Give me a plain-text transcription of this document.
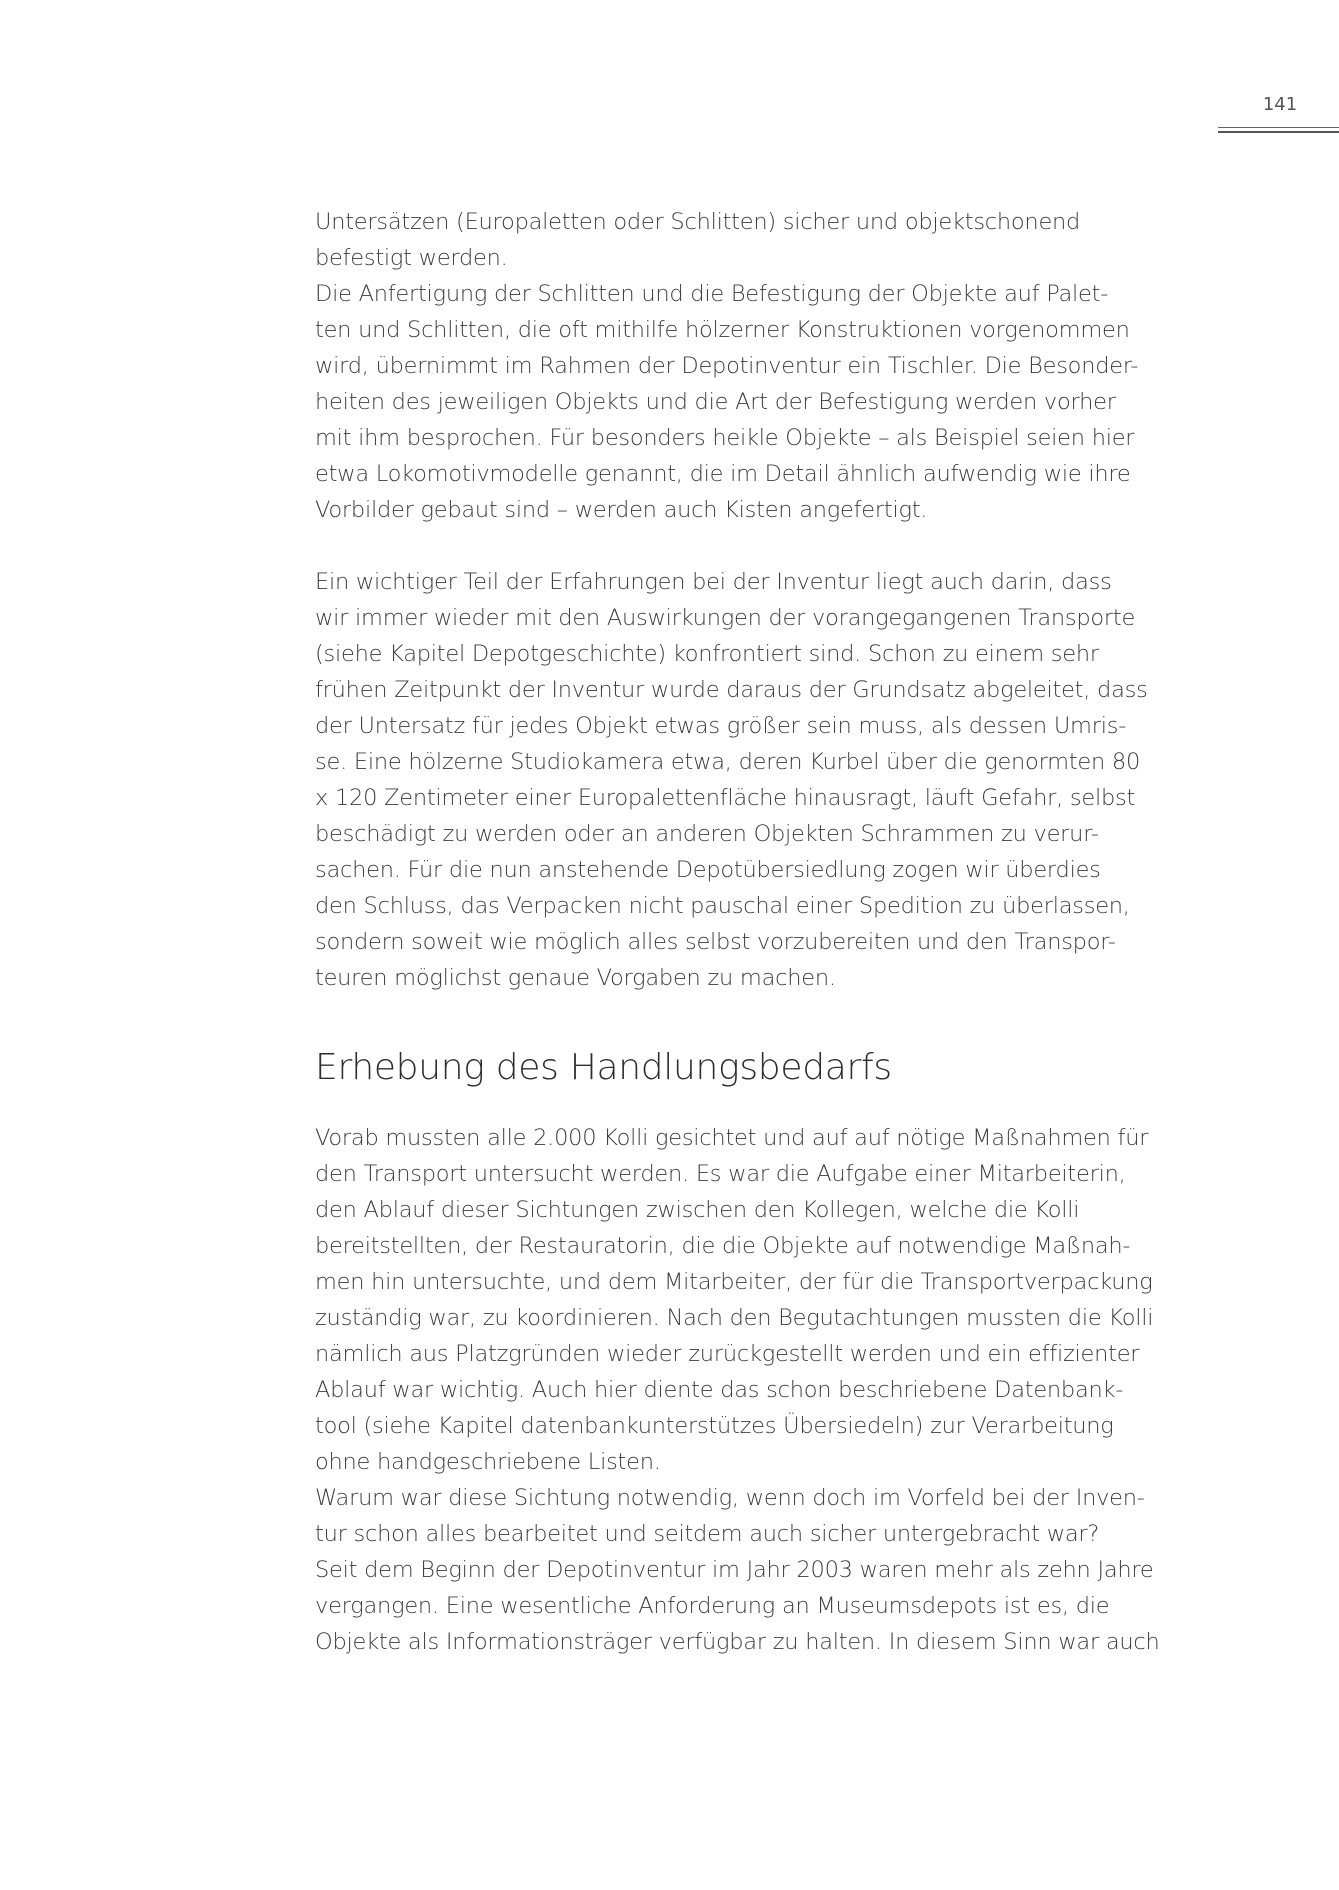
141

Untersätzen (Europaletten oder Schlitten) sicher und objektschonend
befestigt werden.

Die Anfertigung der Schlitten und die Befestigung der Objekte auf Palet-
ten und Schlitten, die oft mithilfe hölzerner Konstruktionen vorgenommen
wird, übernimmt im Rahmen der Depotinventur ein Tischler. Die Besonder-
heiten des jeweiligen Objekts und die Art der Befestigung werden vorher
mit ihm besprochen. Für besonders heikle Objekte – als Beispiel seien hier
etwa Lokomotivmodelle genannt, die im Detail ähnlich aufwendig wie ihre
Vorbilder gebaut sind – werden auch Kisten angefertigt.

Ein wichtiger Teil der Erfahrungen bei der Inventur liegt auch darin, dass
wir immer wieder mit den Auswirkungen der vorangegangenen Transporte
(siehe Kapitel Depotgeschichte) konfrontiert sind. Schon zu einem sehr
frühen Zeitpunkt der Inventur wurde daraus der Grundsatz abgeleitet, dass
der Untersatz für jedes Objekt etwas größer sein muss, als dessen Umris-
se. Eine hölzerne Studiokamera etwa, deren Kurbel über die genormten 80
x 120 Zentimeter einer Europalettenfläche hinausragt, läuft Gefahr, selbst
beschädigt zu werden oder an anderen Objekten Schrammen zu verur-
sachen. Für die nun anstehende Depotübersiedlung zogen wir überdies
den Schluss, das Verpacken nicht pauschal einer Spedition zu überlassen,
sondern soweit wie möglich alles selbst vorzubereiten und den Transpor-
teuren möglichst genaue Vorgaben zu machen.

Erhebung des Handlungsbedarfs

Vorab mussten alle 2.000 Kolli gesichtet und auf auf nötige Maßnahmen für
den Transport untersucht werden. Es war die Aufgabe einer Mitarbeiterin,
den Ablauf dieser Sichtungen zwischen den Kollegen, welche die Kolli
bereitstellten, der Restauratorin, die die Objekte auf notwendige Maßnah-
men hin untersuchte, und dem Mitarbeiter, der für die Transportverpackung
zuständig war, zu koordinieren. Nach den Begutachtungen mussten die Kolli
nämlich aus Platzgründen wieder zurückgestellt werden und ein effizienter
Ablauf war wichtig. Auch hier diente das schon beschriebene Datenbank-
tool (siehe Kapitel datenbankunterstützes Übersiedeln) zur Verarbeitung
ohne handgeschriebene Listen.

Warum war diese Sichtung notwendig, wenn doch im Vorfeld bei der Inven-
tur schon alles bearbeitet und seitdem auch sicher untergebracht war?

Seit dem Beginn der Depotinventur im Jahr 2003 waren mehr als zehn Jahre
vergangen. Eine wesentliche Anforderung an Museumsdepots ist es, die
Objekte als Informationsträger verfügbar zu halten. In diesem Sinn war auch
